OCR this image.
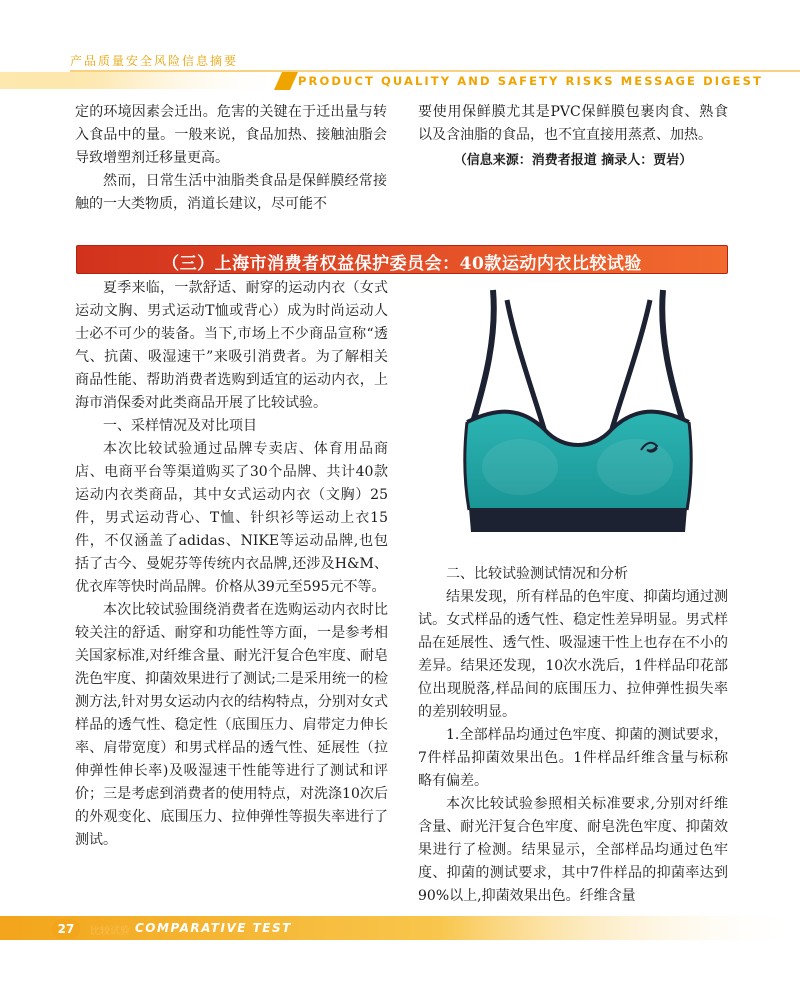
产品质量安全风险信息摘要
PRODUCT QUALITY AND SAFETY RISKS MESSAGE DIGEST

定的环境因素会迁出。危害的关键在于迁出量与转入食品中的量。一般来说，食品加热、接触油脂会导致增塑剂迁移量更高。

然而，日常生活中油脂类食品是保鲜膜经常接触的一大类物质，消道长建议，尽可能不

要使用保鲜膜尤其是PVC保鲜膜包裹肉食、熟食以及含油脂的食品，也不宜直接用蒸煮、加热。

（信息来源：消费者报道 摘录人：贾岩）

（三）上海市消费者权益保护委员会：40款运动内衣比较试验

夏季来临，一款舒适、耐穿的运动内衣（女式运动文胸、男式运动T恤或背心）成为时尚运动人士必不可少的装备。当下,市场上不少商品宣称“透气、抗菌、吸湿速干”来吸引消费者。为了解相关商品性能、帮助消费者选购到适宜的运动内衣，上海市消保委对此类商品开展了比较试验。

一、采样情况及对比项目

本次比较试验通过品牌专卖店、体育用品商店、电商平台等渠道购买了30个品牌、共计40款运动内衣类商品，其中女式运动内衣（文胸）25件，男式运动背心、T恤、针织衫等运动上衣15件，不仅涵盖了adidas、NIKE等运动品牌,也包括了古今、曼妮芬等传统内衣品牌,还涉及H&M、优衣库等快时尚品牌。价格从39元至595元不等。

本次比较试验围绕消费者在选购运动内衣时比较关注的舒适、耐穿和功能性等方面，一是参考相关国家标准,对纤维含量、耐光汗复合色牢度、耐皂洗色牢度、抑菌效果进行了测试;二是采用统一的检测方法,针对男女运动内衣的结构特点，分别对女式样品的透气性、稳定性（底围压力、肩带定力伸长率、肩带宽度）和男式样品的透气性、延展性（拉伸弹性伸长率)及吸湿速干性能等进行了测试和评价；三是考虑到消费者的使用特点，对洗涤10次后的外观变化、底围压力、拉伸弹性等损失率进行了测试。

二、比较试验测试情况和分析

结果发现，所有样品的色牢度、抑菌均通过测试。女式样品的透气性、稳定性差异明显。男式样品在延展性、透气性、吸湿速干性上也存在不小的差异。结果还发现，10次水洗后，1件样品印花部位出现脱落,样品间的底围压力、拉伸弹性损失率的差别较明显。

1.全部样品均通过色牢度、抑菌的测试要求，7件样品抑菌效果出色。1件样品纤维含量与标称略有偏差。

本次比较试验参照相关标准要求,分别对纤维含量、耐光汗复合色牢度、耐皂洗色牢度、抑菌效果进行了检测。结果显示，全部样品均通过色牢度、抑菌的测试要求，其中7件样品的抑菌率达到90%以上,抑菌效果出色。纤维含量

27	比较试验 COMPARATIVE TEST
